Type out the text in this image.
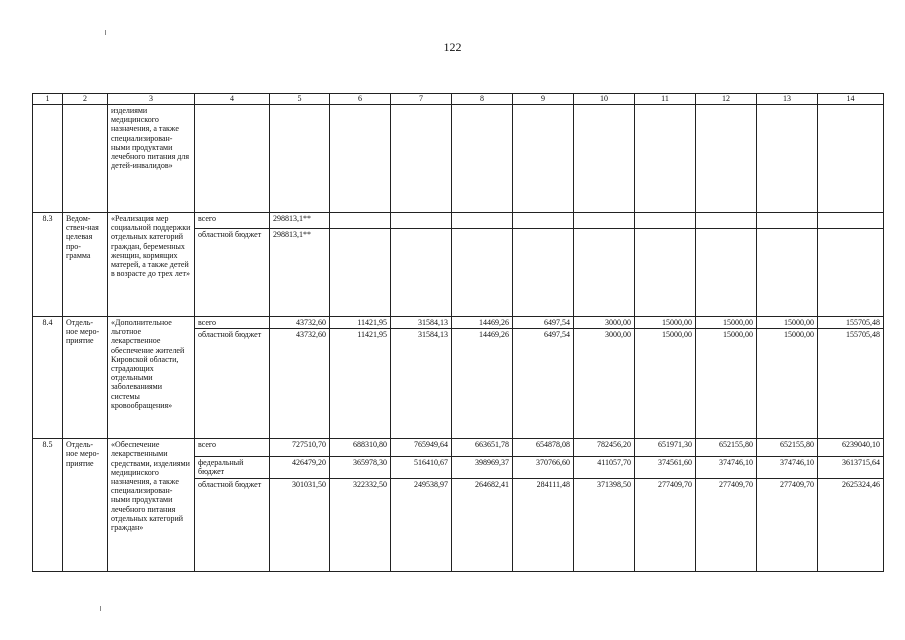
122
1	2	3	4	5	6	7	8	9	10	11	12	13	14
		изделиями медицинского назначения, а также специализирован-ными продуктами лечебного питания для детей-инвалидов»											
8.3	Ведом-ствен-ная целевая про-грамма	«Реализация мер социальной поддержки отдельных категорий граждан, беременных женщин, кормящих матерей, а также детей в возрасте до трех лет»	всего	298813,1**									
			областной бюджет	298813,1**									
8.4	Отдель-ное меро-приятие	«Дополнительное льготное лекарственное обеспечение жителей Кировской области, страдающих отдельными заболеваниями системы кровообращения»	всего	43732,60	11421,95	31584,13	14469,26	6497,54	3000,00	15000,00	15000,00	15000,00	155705,48
			областной бюджет	43732,60	11421,95	31584,13	14469,26	6497,54	3000,00	15000,00	15000,00	15000,00	155705,48
8.5	Отдель-ное меро-приятие	«Обеспечение лекарственными средствами, изделиями медицинского назначения, а также специализирован-ными продуктами лечебного питания отдельных категорий граждан»	всего	727510,70	688310,80	765949,64	663651,78	654878,08	782456,20	651971,30	652155,80	652155,80	6239040,10
			федеральный бюджет	426479,20	365978,30	516410,67	398969,37	370766,60	411057,70	374561,60	374746,10	374746,10	3613715,64
			областной бюджет	301031,50	322332,50	249538,97	264682,41	284111,48	371398,50	277409,70	277409,70	277409,70	2625324,46
